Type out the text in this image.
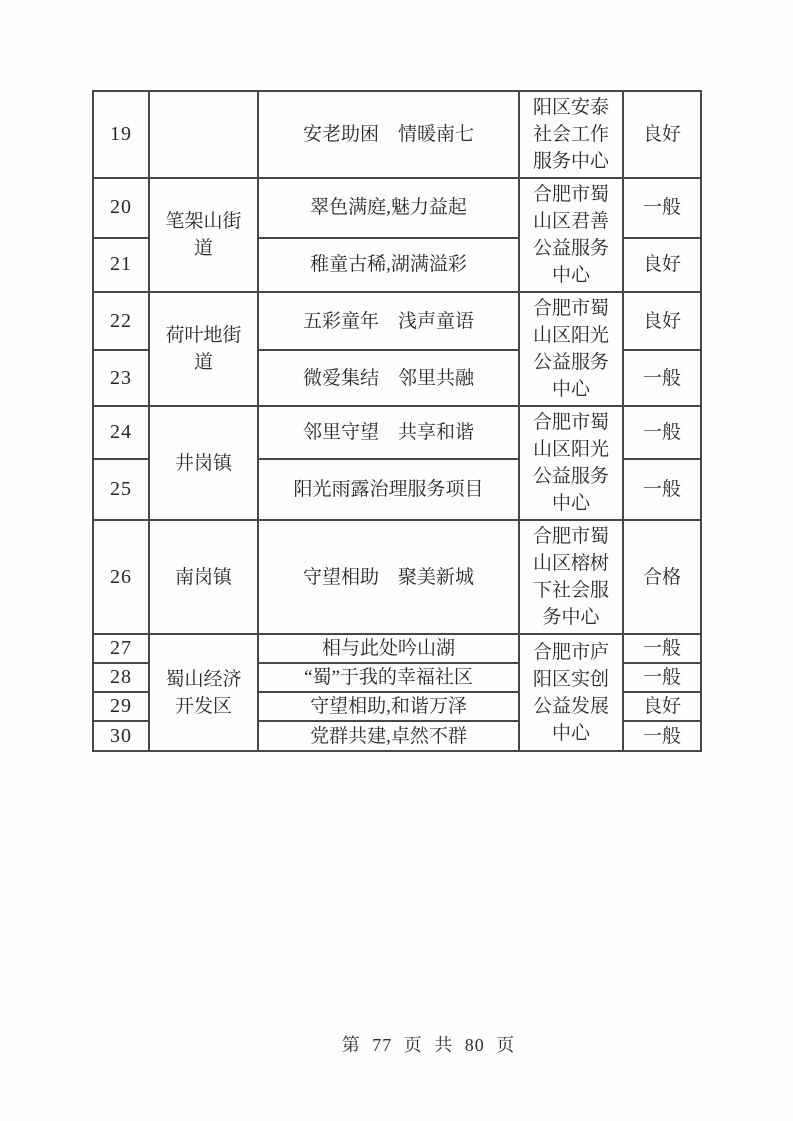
19		安老助困　情暖南七	阳区安泰社会工作服务中心	良好
20	笔架山街道	翠色满庭,魅力益起	合肥市蜀山区君善公益服务中心	一般
21		稚童古稀,湖满溢彩		良好
22	荷叶地街道	五彩童年　浅声童语	合肥市蜀山区阳光公益服务中心	良好
23		微爱集结　邻里共融		一般
24	井岗镇	邻里守望　共享和谐	合肥市蜀山区阳光公益服务中心	一般
25		阳光雨露治理服务项目		一般
26	南岗镇	守望相助　聚美新城	合肥市蜀山区榕树下社会服务中心	合格
27	蜀山经济开发区	相与此处吟山湖	合肥市庐阳区实创公益发展中心	一般
28		“蜀”于我的幸福社区		一般
29		守望相助,和谐万泽		良好
30		党群共建,卓然不群		一般
第 77 页 共 80 页
